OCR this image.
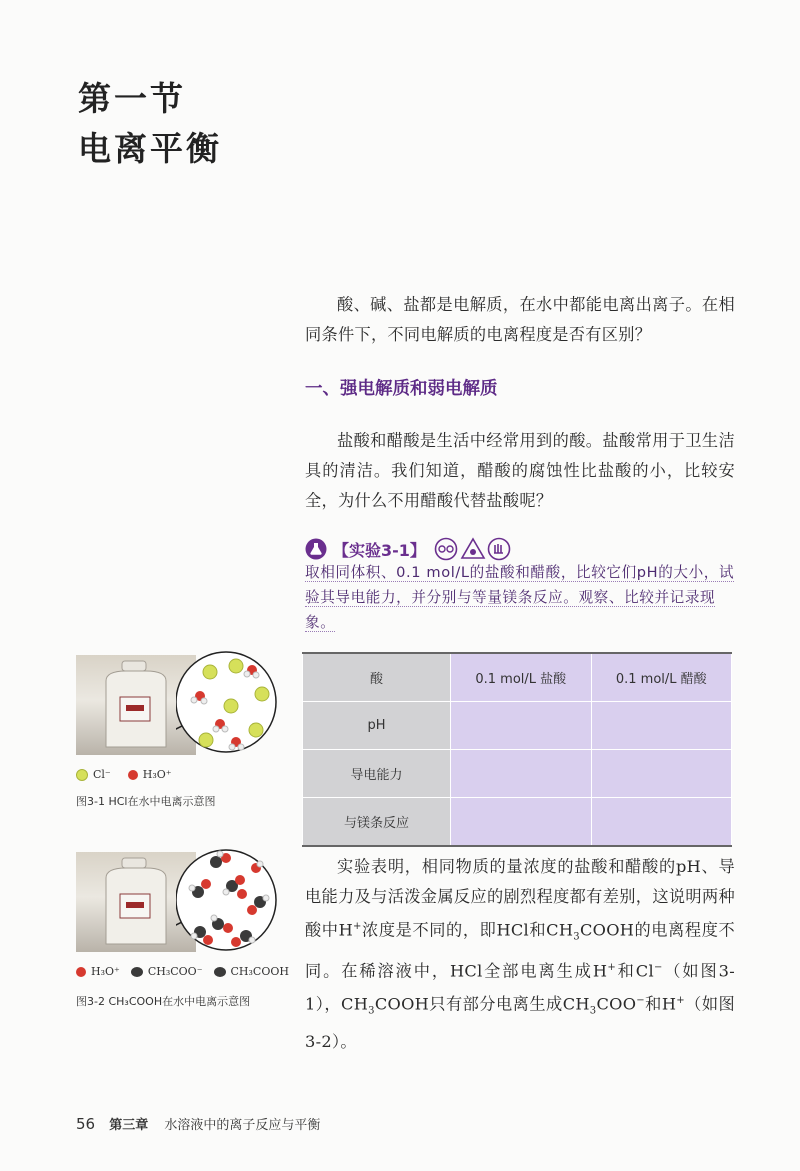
第一节
电离平衡

酸、碱、盐都是电解质，在水中都能电离出离子。在相同条件下，不同电解质的电离程度是否有区别？

一、强电解质和弱电解质

盐酸和醋酸是生活中经常用到的酸。盐酸常用于卫生洁具的清洁。我们知道，醋酸的腐蚀性比盐酸的小，比较安全，为什么不用醋酸代替盐酸呢？

【实验3-1】
取相同体积、0.1 mol/L的盐酸和醋酸，比较它们pH的大小，试验其导电能力，并分别与等量镁条反应。观察、比较并记录现象。
酸	0.1 mol/L 盐酸	0.1 mol/L 醋酸
pH		
导电能力		
与镁条反应		

实验表明，相同物质的量浓度的盐酸和醋酸的pH、导电能力及与活泼金属反应的剧烈程度都有差别，这说明两种酸中H+浓度是不同的，即HCl和$CH_3COOH$的电离程度不同。在稀溶液中，HCl全部电离生成H+和Cl−（如图3-1），$CH_3COOH$只有部分电离生成$CH_3COO^-$和H+（如图3-2）。

Cl⁻	H₃O⁺
图3-1 HCl在水中电离示意图
H₃O⁺	CH₃COO⁻	CH₃COOH
图3-2 CH₃COOH在水中电离示意图
56 第三章 水溶液中的离子反应与平衡
